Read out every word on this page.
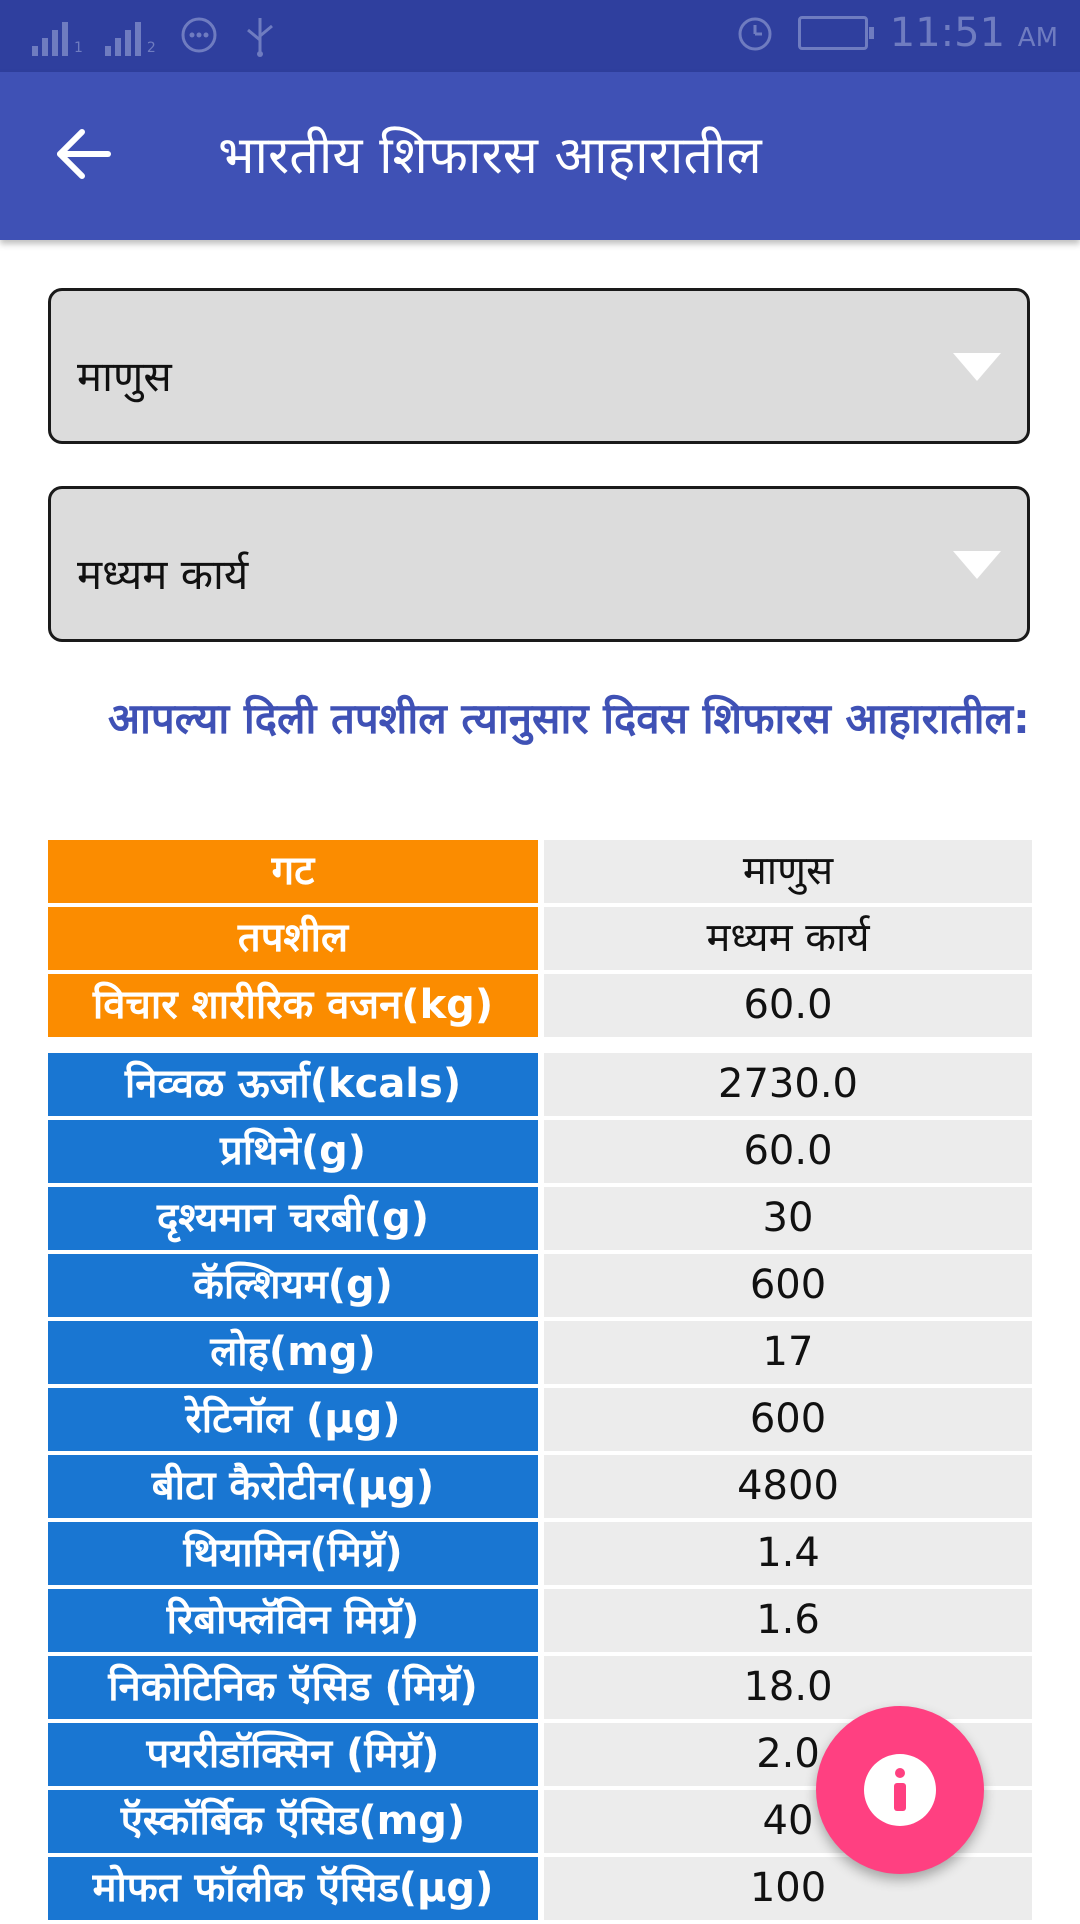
1	2	11:51 AM
भारतीय शिफारस आहारातील
माणुस
मध्यम कार्य
आपल्या दिली तपशील त्यानुसार दिवस शिफारस आहारातील:
गट	माणुस
तपशील	मध्यम कार्य
विचार शारीरिक वजन(kg)	60.0

निव्वळ ऊर्जा(kcals)	2730.0
प्रथिने(g)	60.0
दृश्यमान चरबी(g)	30
कॅल्शियम(g)	600
लोह(mg)	17
रेटिनॉल (µg)	600
बीटा कैरोटीन(µg)	4800
थियामिन(मिग्रॅ)	1.4
रिबोफ्लॅविन मिग्रॅ)	1.6
निकोटिनिक ऍसिड (मिग्रॅ)	18.0
पयरीडॉक्सिन (मिग्रॅ)	2.0
ऍस्कॉर्बिक ऍसिड(mg)	40
मोफत फॉलीक ऍसिड(µg)	100
